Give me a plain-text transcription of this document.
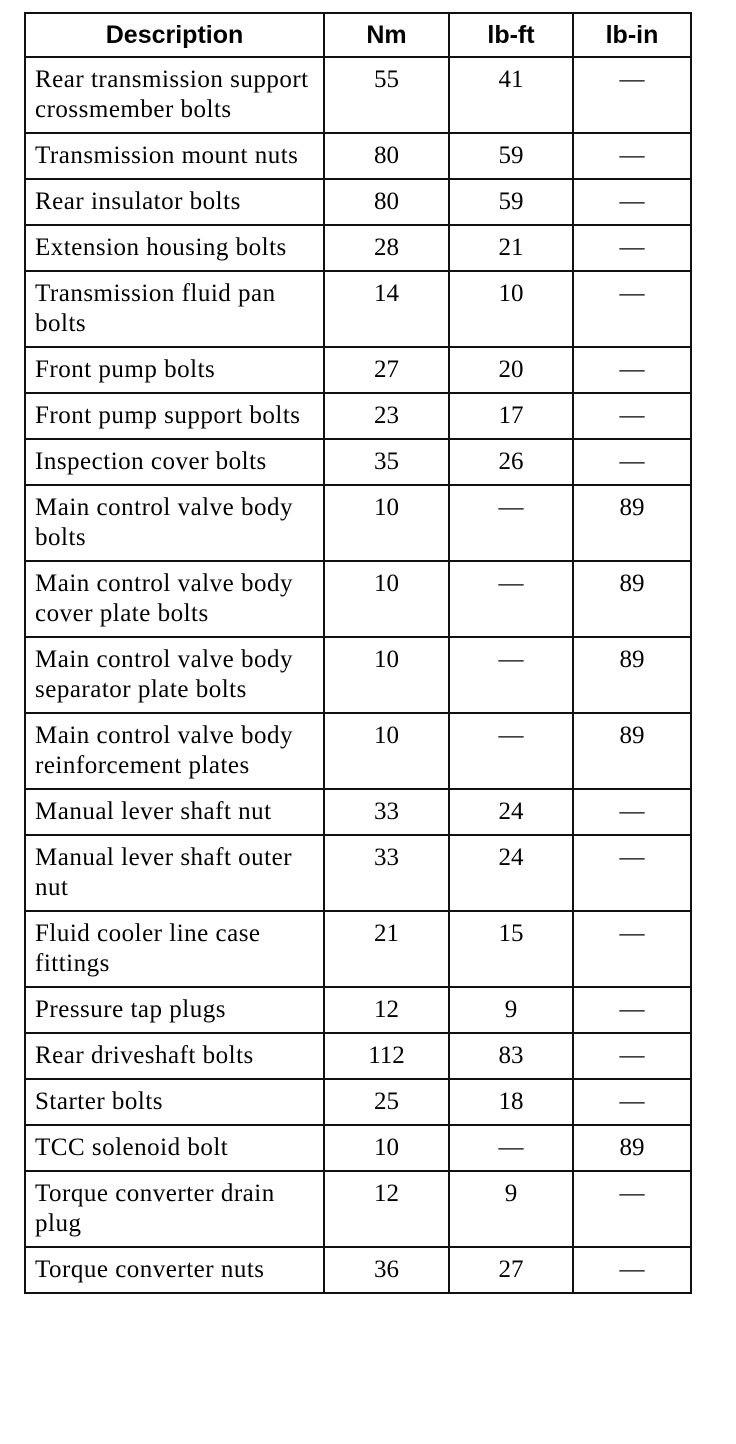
Description	Nm	lb-ft	lb-in
Rear transmission support crossmember bolts	55	41	—
Transmission mount nuts	80	59	—
Rear insulator bolts	80	59	—
Extension housing bolts	28	21	—
Transmission fluid pan bolts	14	10	—
Front pump bolts	27	20	—
Front pump support bolts	23	17	—
Inspection cover bolts	35	26	—
Main control valve body bolts	10	—	89
Main control valve body cover plate bolts	10	—	89
Main control valve body separator plate bolts	10	—	89
Main control valve body reinforcement plates	10	—	89
Manual lever shaft nut	33	24	—
Manual lever shaft outer nut	33	24	—
Fluid cooler line case fittings	21	15	—
Pressure tap plugs	12	9	—
Rear driveshaft bolts	112	83	—
Starter bolts	25	18	—
TCC solenoid bolt	10	—	89
Torque converter drain plug	12	9	—
Torque converter nuts	36	27	—
